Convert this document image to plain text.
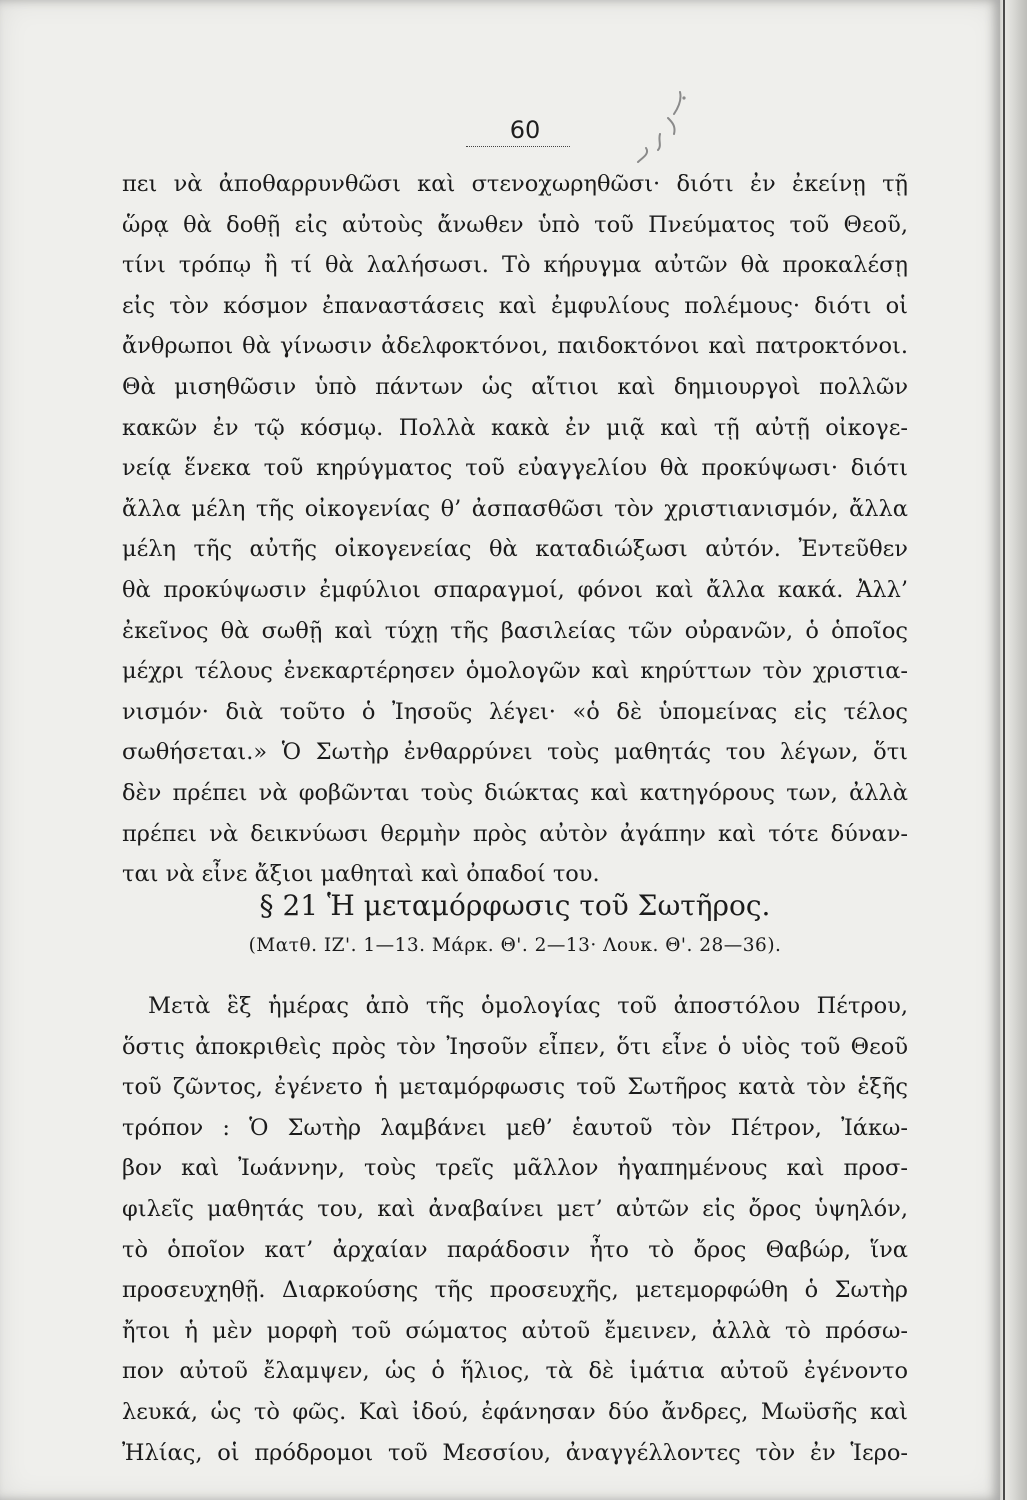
60
πει νὰ ἀποθαρρυνθῶσι καὶ στενοχωρηθῶσι· διότι ἐν ἐκείνῃ τῇ
ὥρᾳ θὰ δοθῇ εἰς αὐτοὺς ἄνωθεν ὑπὸ τοῦ Πνεύματος τοῦ Θεοῦ,
τίνι τρόπῳ ἢ τί θὰ λαλήσωσι. Τὸ κήρυγμα αὐτῶν θὰ προκαλέσῃ
εἰς τὸν κόσμον ἐπαναστάσεις καὶ ἐμφυλίους πολέμους· διότι οἱ
ἄνθρωποι θὰ γίνωσιν ἀδελφοκτόνοι, παιδοκτόνοι καὶ πατροκτόνοι.
Θὰ μισηθῶσιν ὑπὸ πάντων ὡς αἴτιοι καὶ δημιουργοὶ πολλῶν
κακῶν ἐν τῷ κόσμῳ. Πολλὰ κακὰ ἐν μιᾷ καὶ τῇ αὐτῇ οἰκογε-
νείᾳ ἕνεκα τοῦ κηρύγματος τοῦ εὐαγγελίου θὰ προκύψωσι· διότι
ἄλλα μέλη τῆς οἰκογενίας θ’ ἀσπασθῶσι τὸν χριστιανισμόν, ἄλλα
μέλη τῆς αὐτῆς οἰκογενείας θὰ καταδιώξωσι αὐτόν. Ἐντεῦθεν
θὰ προκύψωσιν ἐμφύλιοι σπαραγμοί, φόνοι καὶ ἄλλα κακά. Ἀλλ’
ἐκεῖνος θὰ σωθῇ καὶ τύχῃ τῆς βασιλείας τῶν οὐρανῶν, ὁ ὁποῖος
μέχρι τέλους ἐνεκαρτέρησεν ὁμολογῶν καὶ κηρύττων τὸν χριστια-
νισμόν· διὰ τοῦτο ὁ Ἰησοῦς λέγει· «ὁ δὲ ὑπομείνας εἰς τέλος
σωθήσεται.» Ὁ Σωτὴρ ἐνθαρρύνει τοὺς μαθητάς του λέγων, ὅτι
δὲν πρέπει νὰ φοβῶνται τοὺς διώκτας καὶ κατηγόρους των, ἀλλὰ
πρέπει νὰ δεικνύωσι θερμὴν πρὸς αὐτὸν ἀγάπην καὶ τότε δύναν-
ται νὰ εἶνε ἄξιοι μαθηταὶ καὶ ὀπαδοί του.
§ 21 Ἡ μεταμόρφωσις τοῦ Σωτῆρος.
(Ματθ. ΙΖ'. 1—13. Μάρκ. Θ'. 2—13· Λουκ. Θ'. 28—36).
Μετὰ ἓξ ἡμέρας ἀπὸ τῆς ὁμολογίας τοῦ ἀποστόλου Πέτρου,
ὅστις ἀποκριθεὶς πρὸς τὸν Ἰησοῦν εἶπεν, ὅτι εἶνε ὁ υἱὸς τοῦ Θεοῦ
τοῦ ζῶντος, ἐγένετο ἡ μεταμόρφωσις τοῦ Σωτῆρος κατὰ τὸν ἑξῆς
τρόπον : Ὁ Σωτὴρ λαμβάνει μεθ’ ἑαυτοῦ τὸν Πέτρον, Ἰάκω-
βον καὶ Ἰωάννην, τοὺς τρεῖς μᾶλλον ἠγαπημένους καὶ προσ-
φιλεῖς μαθητάς του, καὶ ἀναβαίνει μετ’ αὐτῶν εἰς ὄρος ὑψηλόν,
τὸ ὁποῖον κατ’ ἀρχαίαν παράδοσιν ἦτο τὸ ὄρος Θαβώρ, ἵνα
προσευχηθῇ. Διαρκούσης τῆς προσευχῆς, μετεμορφώθη ὁ Σωτὴρ
ἤτοι ἡ μὲν μορφὴ τοῦ σώματος αὐτοῦ ἔμεινεν, ἀλλὰ τὸ πρόσω-
πον αὐτοῦ ἔλαμψεν, ὡς ὁ ἥλιος, τὰ δὲ ἱμάτια αὐτοῦ ἐγένοντο
λευκά, ὡς τὸ φῶς. Καὶ ἰδού, ἐφάνησαν δύο ἄνδρες, Μωϋσῆς καὶ
Ἠλίας, οἱ πρόδρομοι τοῦ Μεσσίου, ἀναγγέλλοντες τὸν ἐν Ἱερο-
